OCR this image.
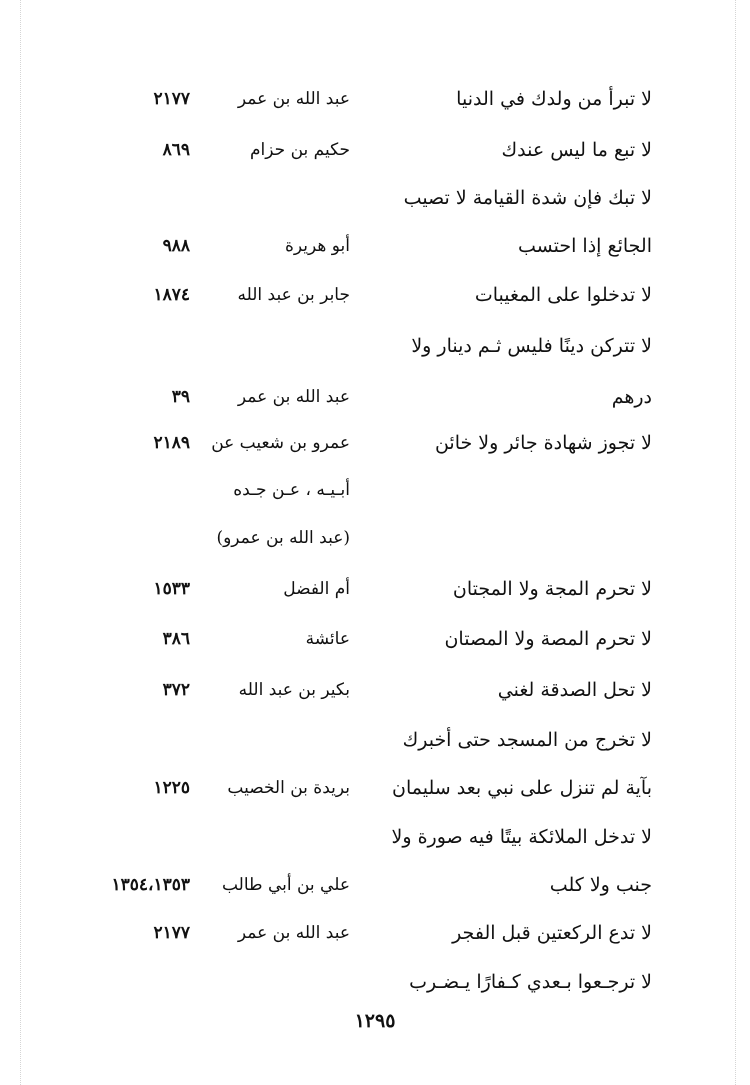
لا تبرأ من ولدك في الدنيا
عبد الله بن عمر
٢١٧٧
لا تبع ما ليس عندك
حكيم بن حزام
٨٦٩
لا تبك فإن شدة القيامة لا تصيب
الجائع إذا احتسب
أبو هريرة
٩٨٨
لا تدخلوا على المغيبات
جابر بن عبد الله
١٨٧٤
لا تتركن دينًا فليس ثـم دينار ولا
درهم
عبد الله بن عمر
٣٩
لا تجوز شهادة جائر ولا خائن
عمرو بن شعيب عن
٢١٨٩
أبـيـه ، عـن جـده
(عبد الله بن عمرو)
لا تحرم المجة ولا المجتان
أم الفضل
١٥٣٣
لا تحرم المصة ولا المصتان
عائشة
٣٨٦
لا تحل الصدقة لغني
بكير بن عبد الله
٣٧٢
لا تخرج من المسجد حتى أخبرك
بآية لم تنزل على نبي بعد سليمان
بريدة بن الخصيب
١٢٢٥
لا تدخل الملائكة بيتًا فيه صورة ولا
جنب ولا كلب
علي بن أبي طالب
١٣٥٤،١٣٥٣
لا تدع الركعتين قبل الفجر
عبد الله بن عمر
٢١٧٧
لا ترجـعوا بـعدي كـفارًا يـضـرب
١٢٩٥
